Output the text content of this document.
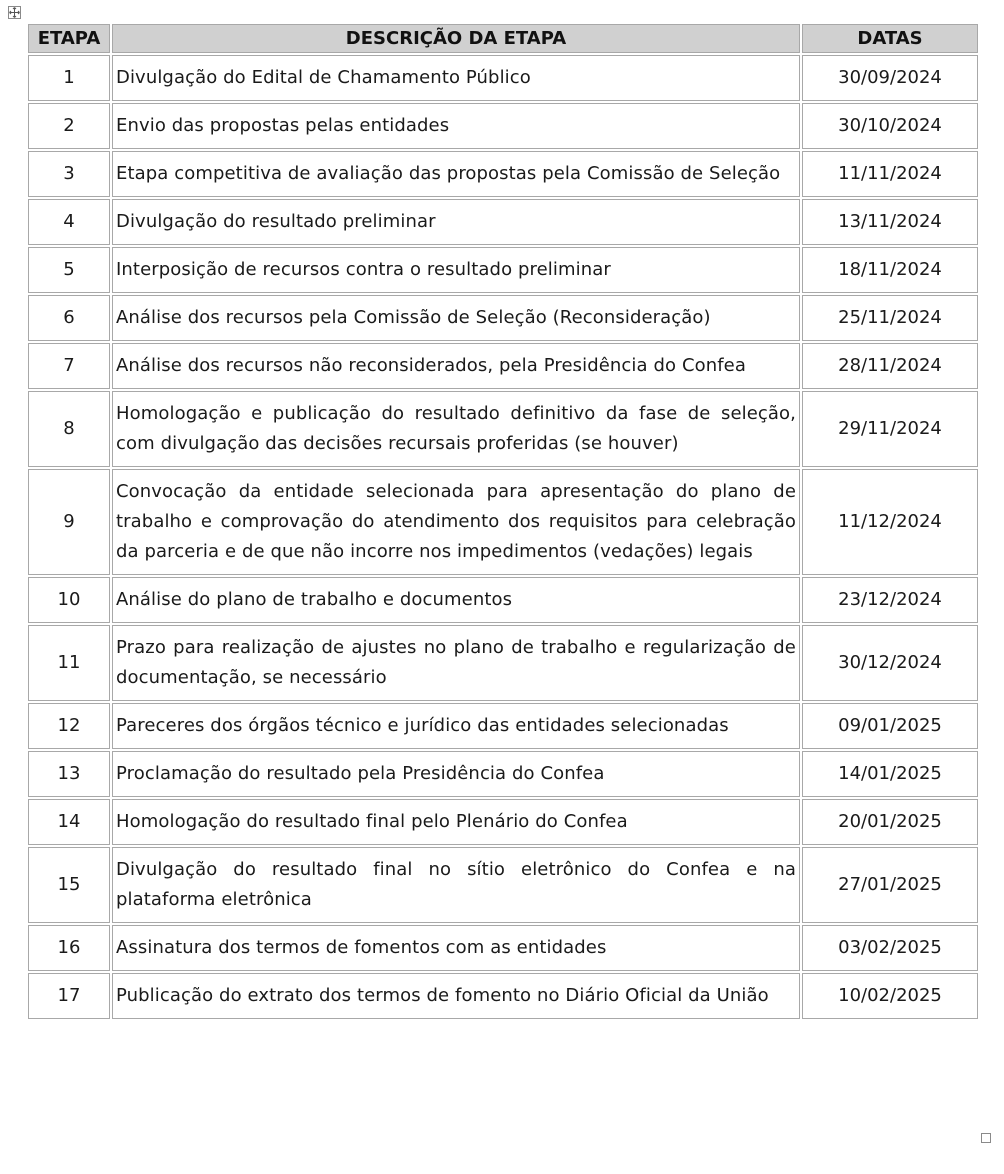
ETAPA	DESCRIÇÃO DA ETAPA	DATAS
1	Divulgação do Edital de Chamamento Público	30/09/2024
2	Envio das propostas pelas entidades	30/10/2024
3	Etapa competitiva de avaliação das propostas pela Comissão de Seleção	11/11/2024
4	Divulgação do resultado preliminar	13/11/2024
5	Interposição de recursos contra o resultado preliminar	18/11/2024
6	Análise dos recursos pela Comissão de Seleção (Reconsideração)	25/11/2024
7	Análise dos recursos não reconsiderados, pela Presidência do Confea	28/11/2024
8	Homologação e publicação do resultado definitivo da fase de seleção, com divulgação das decisões recursais proferidas (se houver)	29/11/2024
9	Convocação da entidade selecionada para apresentação do plano de trabalho e comprovação do atendimento dos requisitos para celebração da parceria e de que não incorre nos impedimentos (vedações) legais	11/12/2024
10	Análise do plano de trabalho e documentos	23/12/2024
11	Prazo para realização de ajustes no plano de trabalho e regularização de documentação, se necessário	30/12/2024
12	Pareceres dos órgãos técnico e jurídico das entidades selecionadas	09/01/2025
13	Proclamação do resultado pela Presidência do Confea	14/01/2025
14	Homologação do resultado final pelo Plenário do Confea	20/01/2025
15	Divulgação do resultado final no sítio eletrônico do Confea e na plataforma eletrônica	27/01/2025
16	Assinatura dos termos de fomentos com as entidades	03/02/2025
17	Publicação do extrato dos termos de fomento no Diário Oficial da União	10/02/2025
